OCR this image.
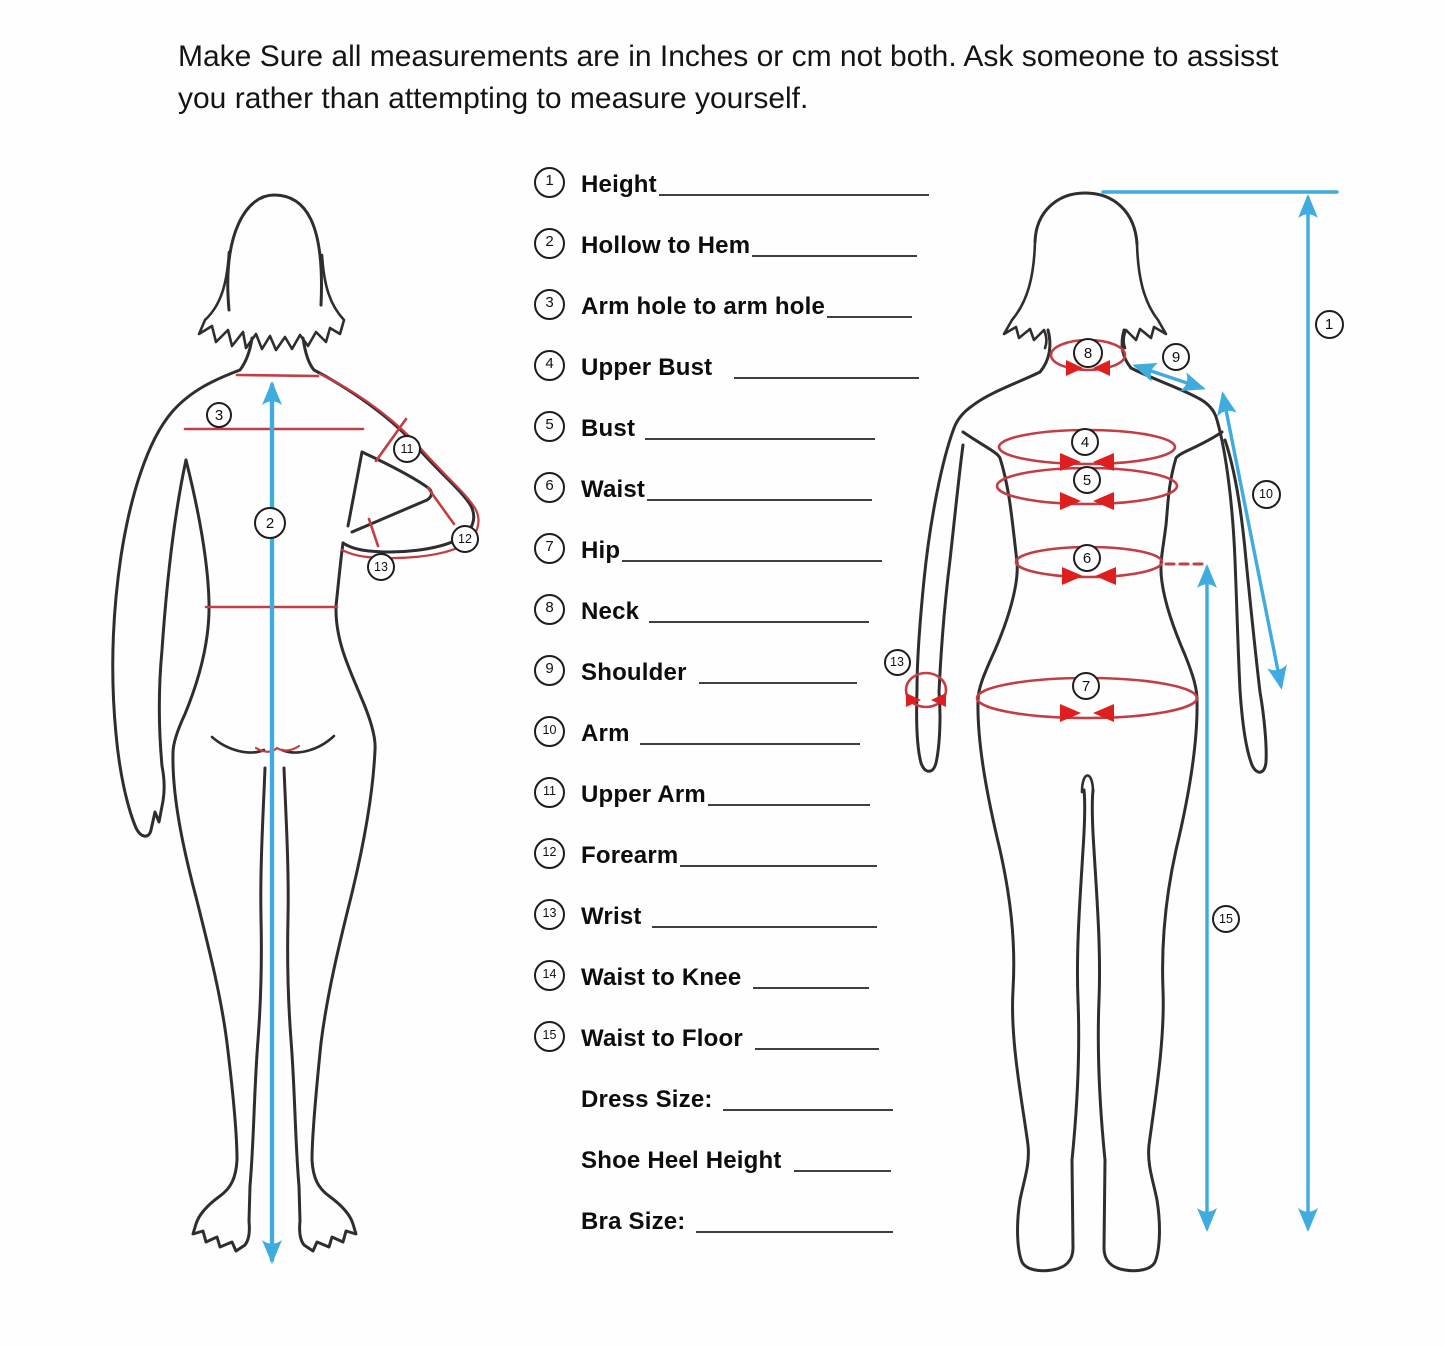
3
2
11
12
13
8	9
4
5
10
6
13
7
15
1
Make Sure all measurements are in Inches or cm not both. Ask someone to assisst you rather than attempting to measure yourself.
1	Height
2	Hollow to Hem
3	Arm hole to arm hole
4	Upper Bust
5	Bust
6	Waist
7	Hip
8	Neck
9	Shoulder
10	Arm
11	Upper Arm
12	Forearm
13	Wrist
14	Waist to Knee
15	Waist to Floor
Dress Size:
Shoe Heel Height
Bra Size:
